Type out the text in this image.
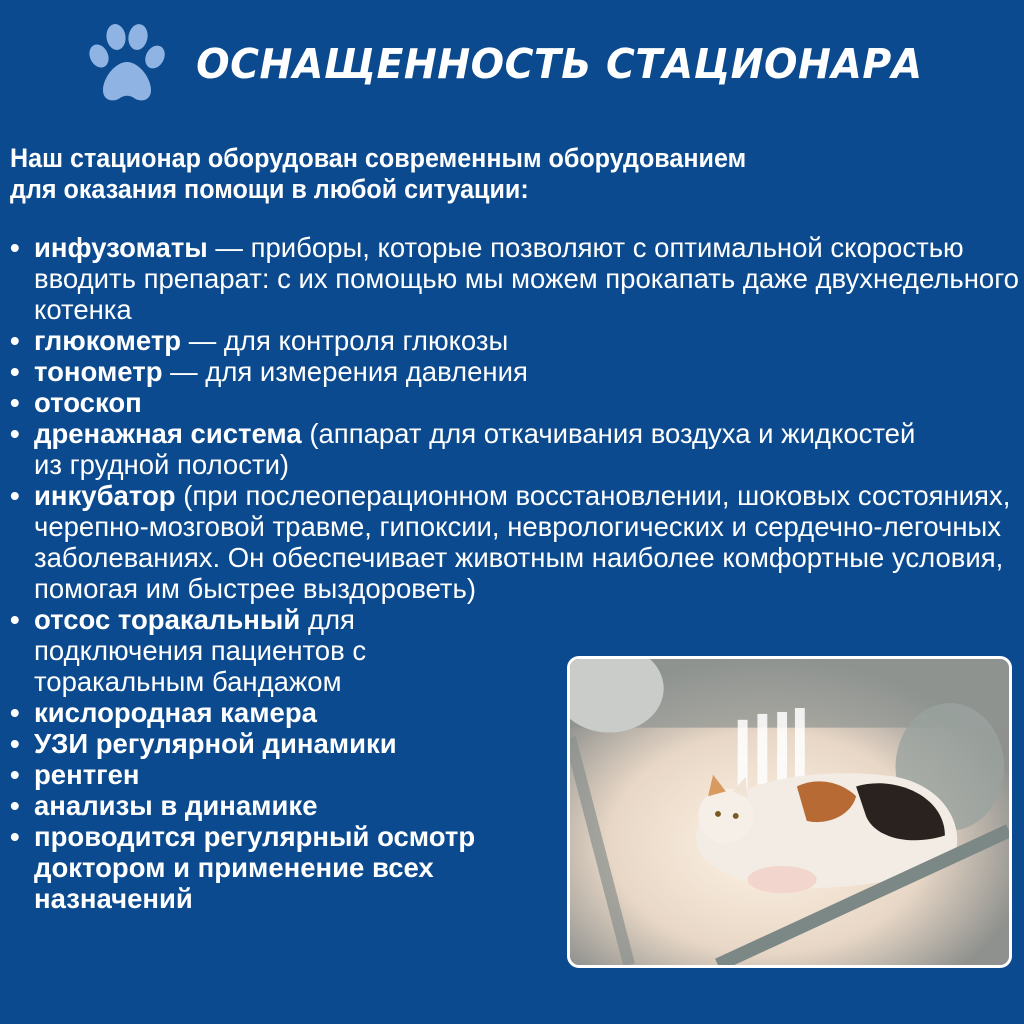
ОСНАЩЕННОСТЬ СТАЦИОНАРА
Наш стационар оборудован современным оборудованием
для оказания помощи в любой ситуации:
• инфузоматы — приборы, которые позволяют с оптимальной скоростью вводить препарат: с их помощью мы можем прокапать даже двухнедельного котенка
• глюкометр — для контроля глюкозы
• тонометр — для измерения давления
• отоскоп
• дренажная система (аппарат для откачивания воздуха и жидкостей из грудной полости)
• инкубатор (при послеоперационном восстановлении, шоковых состояниях, черепно-мозговой травме, гипоксии, неврологических и сердечно-легочных заболеваниях. Он обеспечивает животным наиболее комфортные условия, помогая им быстрее выздороветь)
• отсос торакальный для подключения пациентов с торакальным бандажом
• кислородная камера
• УЗИ регулярной динамики
• рентген
• анализы в динамике
• проводится регулярный осмотр доктором и применение всех назначений
